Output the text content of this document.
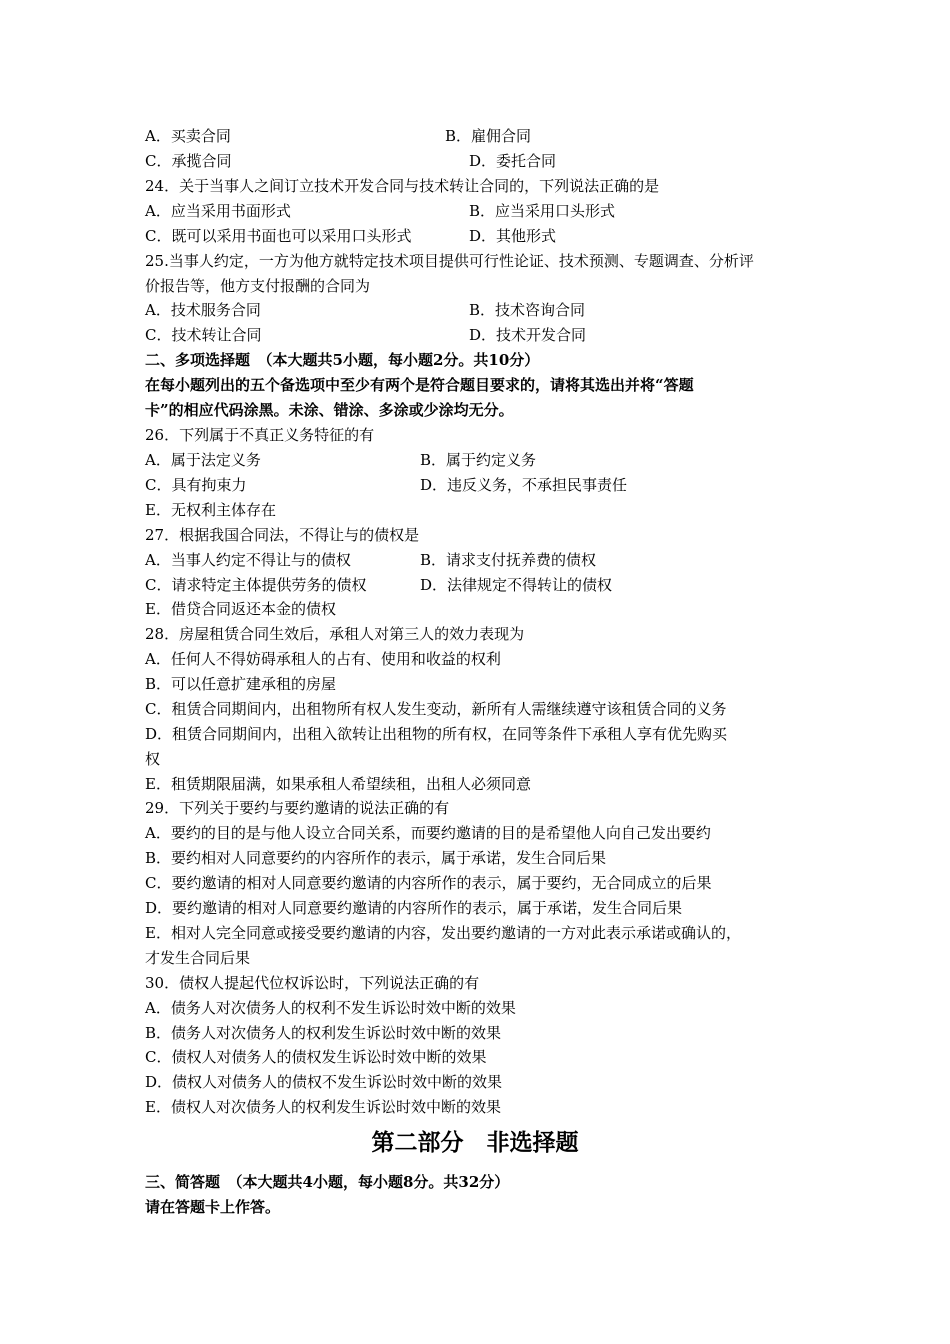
A．买卖合同	B．雇佣合同
C．承揽合同	D．委托合同
24．关于当事人之间订立技术开发合同与技术转让合同的，下列说法正确的是
A．应当采用书面形式	B．应当采用口头形式
C．既可以采用书面也可以采用口头形式	D．其他形式
25.当事人约定，一方为他方就特定技术项目提供可行性论证、技术预测、专题调查、分析评
价报告等，他方支付报酬的合同为
A．技术服务合同	B．技术咨询合同
C．技术转让合同	D．技术开发合同
二、多项选择题　（本大题共5小题，每小题2分。共10分）
在每小题列出的五个备选项中至少有两个是符合题目要求的，请将其选出并将“答题
卡”的相应代码涂黑。未涂、错涂、多涂或少涂均无分。
26．下列属于不真正义务特征的有
A．属于法定义务	B．属于约定义务
C．具有拘束力	D．违反义务，不承担民事责任
E．无权利主体存在
27．根据我国合同法，不得让与的债权是
A．当事人约定不得让与的债权	B．请求支付抚养费的债权
C．请求特定主体提供劳务的债权	D．法律规定不得转让的债权
E．借贷合同返还本金的债权
28．房屋租赁合同生效后，承租人对第三人的效力表现为
A．任何人不得妨碍承租人的占有、使用和收益的权利
B．可以任意扩建承租的房屋
C．租赁合同期间内，出租物所有权人发生变动，新所有人需继续遵守该租赁合同的义务
D．租赁合同期间内，出租入欲转让出租物的所有权，在同等条件下承租人享有优先购买
权
E．租赁期限届满，如果承租人希望续租，出租人必须同意
29．下列关于要约与要约邀请的说法正确的有
A．要约的目的是与他人设立合同关系，而要约邀请的目的是希望他人向自己发出要约
B．要约相对人同意要约的内容所作的表示，属于承诺，发生合同后果
C．要约邀请的相对人同意要约邀请的内容所作的表示，属于要约，无合同成立的后果
D．要约邀请的相对人同意要约邀请的内容所作的表示，属于承诺，发生合同后果
E．相对人完全同意或接受要约邀请的内容，发出要约邀请的一方对此表示承诺或确认的，
才发生合同后果
30．债权人提起代位权诉讼时，下列说法正确的有
A．债务人对次债务人的权利不发生诉讼时效中断的效果
B．债务人对次债务人的权利发生诉讼时效中断的效果
C．债权人对债务人的债权发生诉讼时效中断的效果
D．债权人对债务人的债权不发生诉讼时效中断的效果
E．债权人对次债务人的权利发生诉讼时效中断的效果
第二部分　非选择题
三、简答题　（本大题共4小题，每小题8分。共32分）
请在答题卡上作答。
